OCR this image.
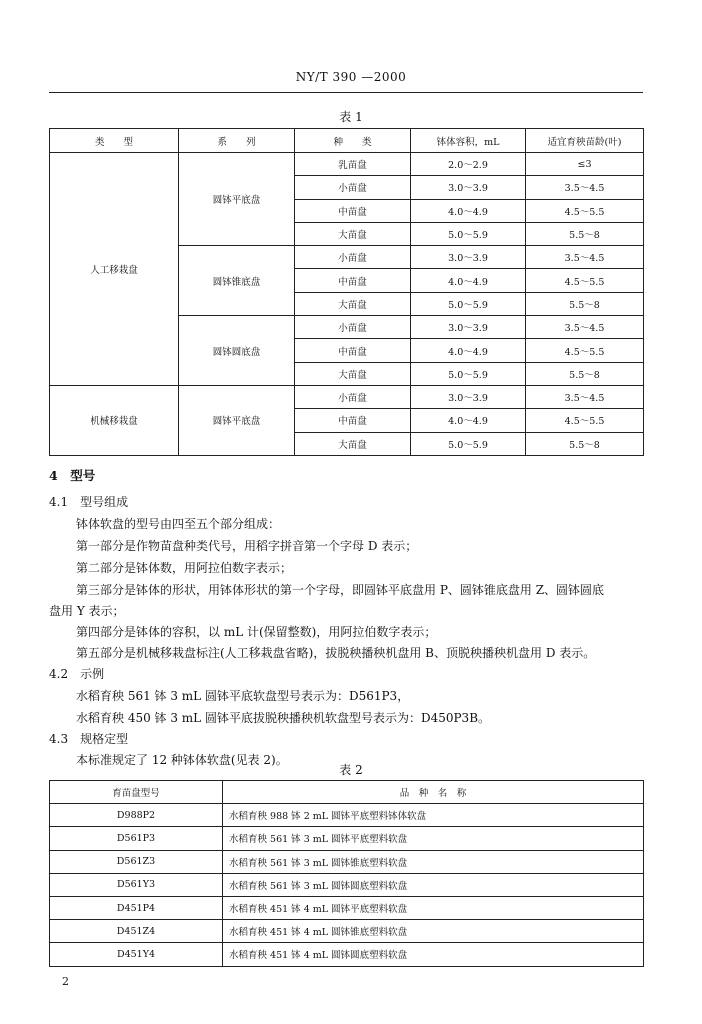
NY/T 390 —2000
表 1
类　　型	系　　列	种　　类	钵体容积，mL	适宜育秧苗龄(叶)
人工移栽盘	圆钵平底盘	乳苗盘	2.0～2.9	≤3
		小苗盘	3.0～3.9	3.5～4.5
		中苗盘	4.0～4.9	4.5～5.5
		大苗盘	5.0～5.9	5.5～8
	圆钵锥底盘	小苗盘	3.0～3.9	3.5～4.5
		中苗盘	4.0～4.9	4.5～5.5
		大苗盘	5.0～5.9	5.5～8
	圆钵圆底盘	小苗盘	3.0～3.9	3.5～4.5
		中苗盘	4.0～4.9	4.5～5.5
		大苗盘	5.0～5.9	5.5～8
机械移栽盘	圆钵平底盘	小苗盘	3.0～3.9	3.5～4.5
		中苗盘	4.0～4.9	4.5～5.5
		大苗盘	5.0～5.9	5.5～8
4　型号
4.1　型号组成
钵体软盘的型号由四至五个部分组成：
第一部分是作物苗盘种类代号，用稻字拼音第一个字母 D 表示；
第二部分是钵体数，用阿拉伯数字表示；
第三部分是钵体的形状，用钵体形状的第一个字母，即圆钵平底盘用 P、圆钵锥底盘用 Z、圆钵圆底
盘用 Y 表示；
第四部分是钵体的容积，以 mL 计(保留整数)，用阿拉伯数字表示；
第五部分是机械移栽盘标注(人工移栽盘省略)，拔脱秧播秧机盘用 B、顶脱秧播秧机盘用 D 表示。
4.2　示例
水稻育秧 561 钵 3 mL 圆钵平底软盘型号表示为：D561P3，
水稻育秧 450 钵 3 mL 圆钵平底拔脱秧播秧机软盘型号表示为：D450P3B。
4.3　规格定型
本标准规定了 12 种钵体软盘(见表 2)。
表 2
育苗盘型号	品　种　名　称
D988P2	水稻育秧 988 钵 2 mL 圆钵平底塑料钵体软盘
D561P3	水稻育秧 561 钵 3 mL 圆钵平底塑料软盘
D561Z3	水稻育秧 561 钵 3 mL 圆钵锥底塑料软盘
D561Y3	水稻育秧 561 钵 3 mL 圆钵圆底塑料软盘
D451P4	水稻育秧 451 钵 4 mL 圆钵平底塑料软盘
D451Z4	水稻育秧 451 钵 4 mL 圆钵锥底塑料软盘
D451Y4	水稻育秧 451 钵 4 mL 圆钵圆底塑料软盘
2
